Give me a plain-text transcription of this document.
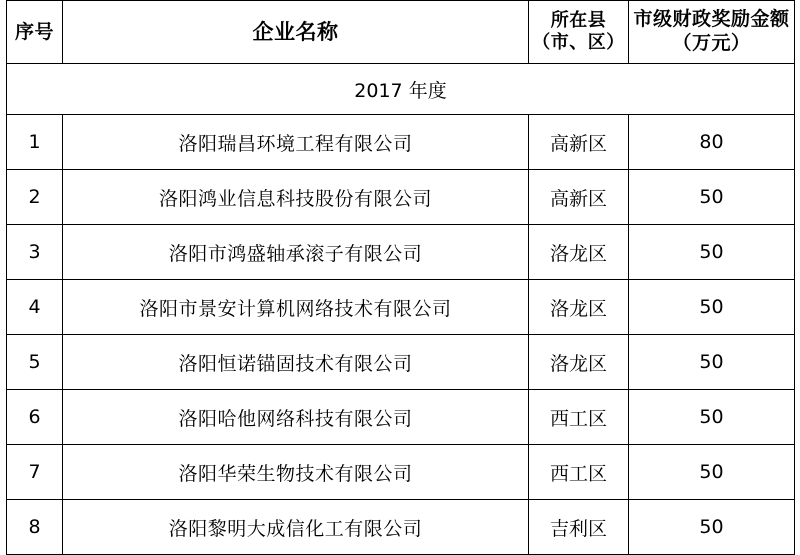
序号	企业名称	所在县（市、区）	市级财政奖励金额 （万元）
2017 年度			
1	洛阳瑞昌环境工程有限公司	高新区	80
2	洛阳鸿业信息科技股份有限公司	高新区	50
3	洛阳市鸿盛轴承滚子有限公司	洛龙区	50
4	洛阳市景安计算机网络技术有限公司	洛龙区	50
5	洛阳恒诺锚固技术有限公司	洛龙区	50
6	洛阳哈他网络科技有限公司	西工区	50
7	洛阳华荣生物技术有限公司	西工区	50
8	洛阳黎明大成信化工有限公司	吉利区	50
